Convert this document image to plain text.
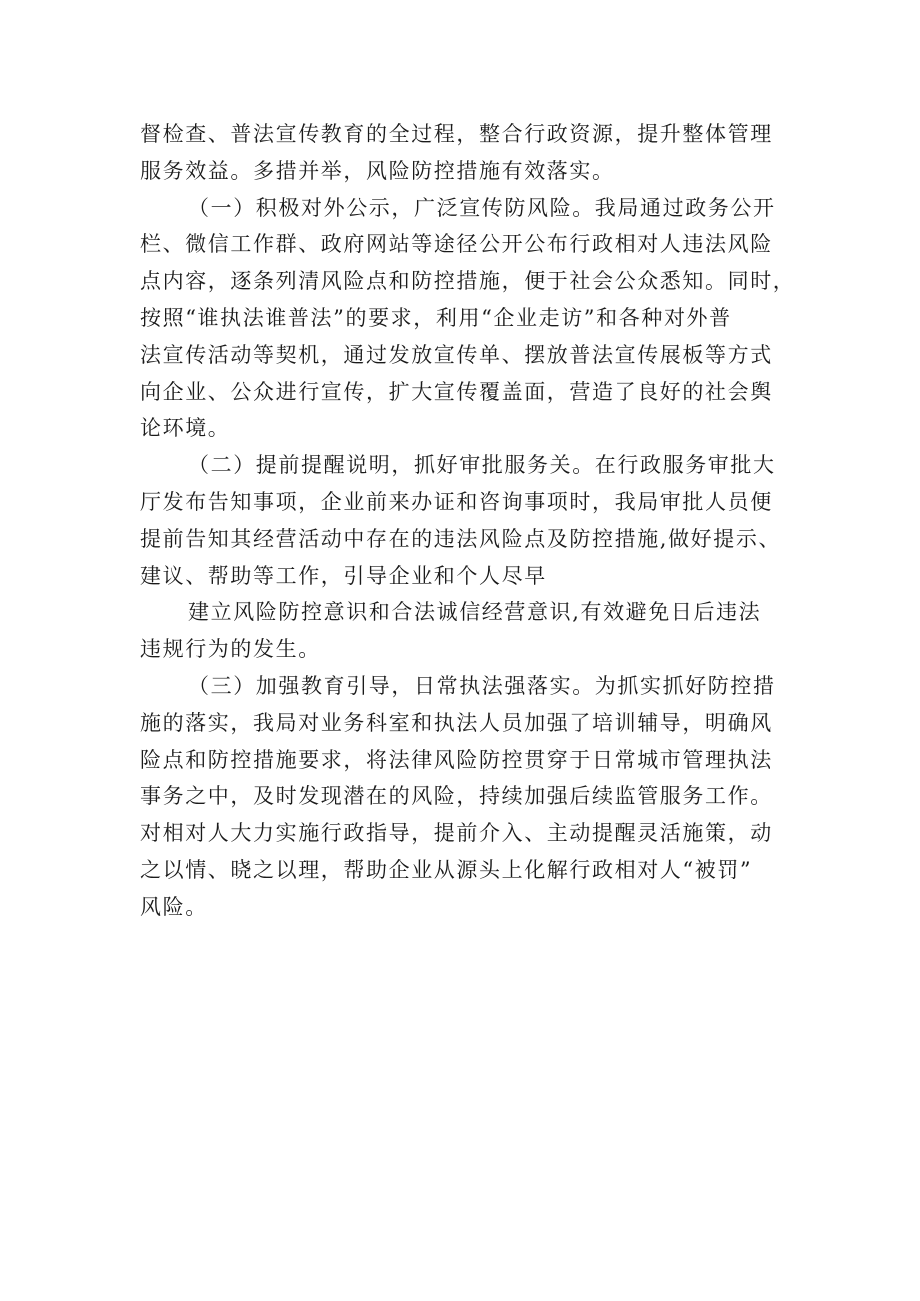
督检查、普法宣传教育的全过程，整合行政资源，提升整体管理
服务效益。多措并举，风险防控措施有效落实。
（一）积极对外公示，广泛宣传防风险。我局通过政务公开
栏、微信工作群、政府网站等途径公开公布行政相对人违法风险
点内容，逐条列清风险点和防控措施，便于社会公众悉知。同时，
按照“谁执法谁普法”的要求，利用“企业走访”和各种对外普
法宣传活动等契机，通过发放宣传单、摆放普法宣传展板等方式
向企业、公众进行宣传，扩大宣传覆盖面，营造了良好的社会舆
论环境。
（二）提前提醒说明，抓好审批服务关。在行政服务审批大
厅发布告知事项，企业前来办证和咨询事项时，我局审批人员便
提前告知其经营活动中存在的违法风险点及防控措施,做好提示、
建议、帮助等工作，引导企业和个人尽早
建立风险防控意识和合法诚信经营意识,有效避免日后违法
违规行为的发生。
（三）加强教育引导，日常执法强落实。为抓实抓好防控措
施的落实，我局对业务科室和执法人员加强了培训辅导，明确风
险点和防控措施要求，将法律风险防控贯穿于日常城市管理执法
事务之中，及时发现潜在的风险，持续加强后续监管服务工作。
对相对人大力实施行政指导，提前介入、主动提醒灵活施策，动
之以情、晓之以理，帮助企业从源头上化解行政相对人“被罚”
风险。
